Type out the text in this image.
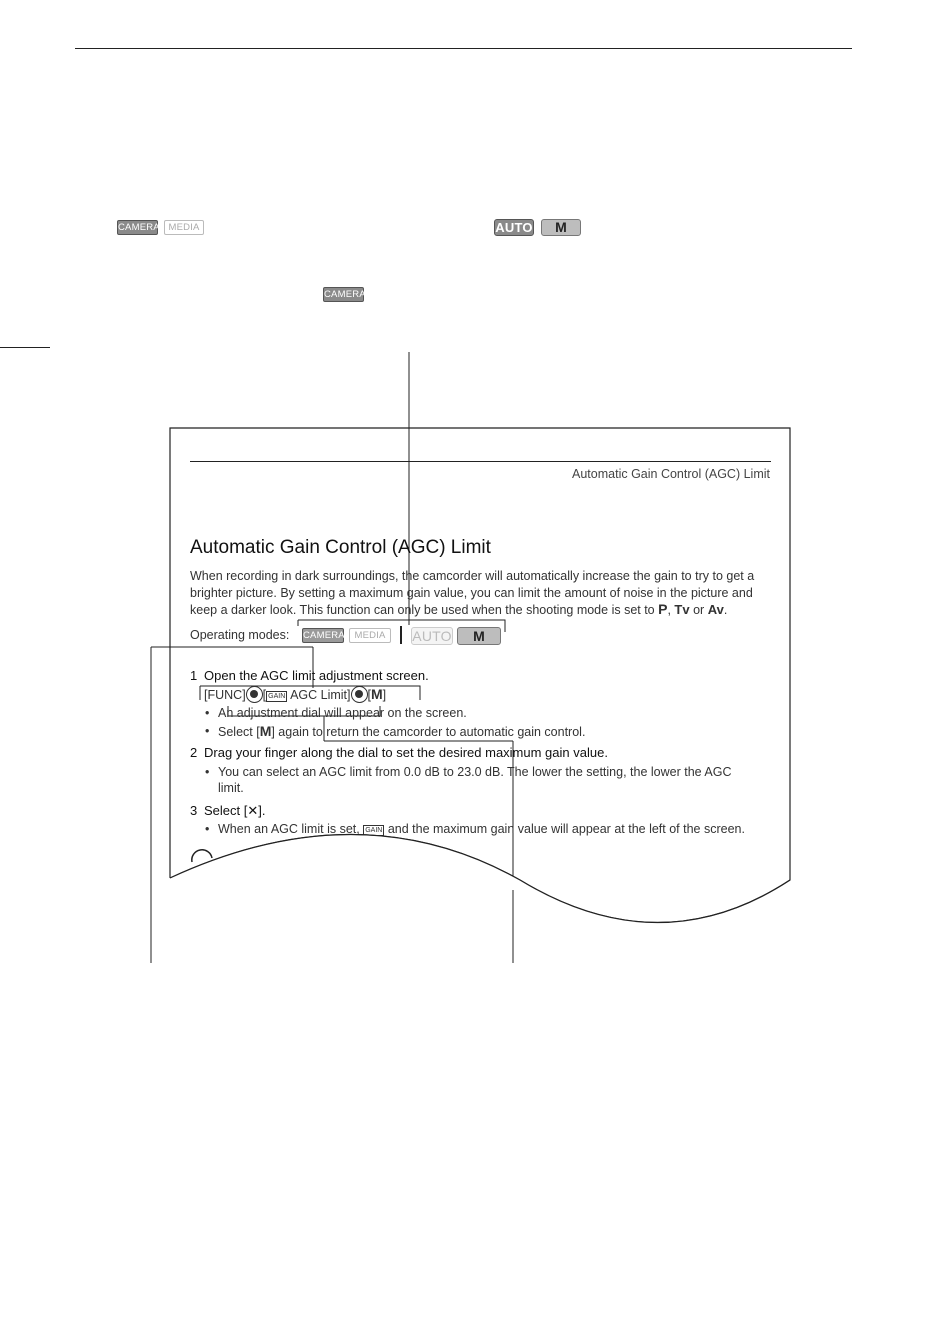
CAMERA MEDIA	AUTO	M
CAMERA
Automatic Gain Control (AGC) Limit
Automatic Gain Control (AGC) Limit
When recording in dark surroundings, the camcorder will automatically increase the gain to try to get a
brighter picture. By setting a maximum gain value, you can limit the amount of noise in the picture and
keep a darker look. This function can only be used when the shooting mode is set to P, Tv or Av.
Operating modes: CAMERA	MEDIA	AUTO	M
1 Open the AGC limit adjustment screen.
[FUNC] [ GAIN AGC Limit] [M]
• An adjustment dial will appear on the screen.
• Select [M] again to return the camcorder to automatic gain control.
2 Drag your finger along the dial to set the desired maximum gain value.
• You can select an AGC limit from 0.0 dB to 23.0 dB. The lower the setting, the lower the AGC
limit.
3 Select [✕].
• When an AGC limit is set, GAIN and the maximum gain value will appear at the left of the screen.
